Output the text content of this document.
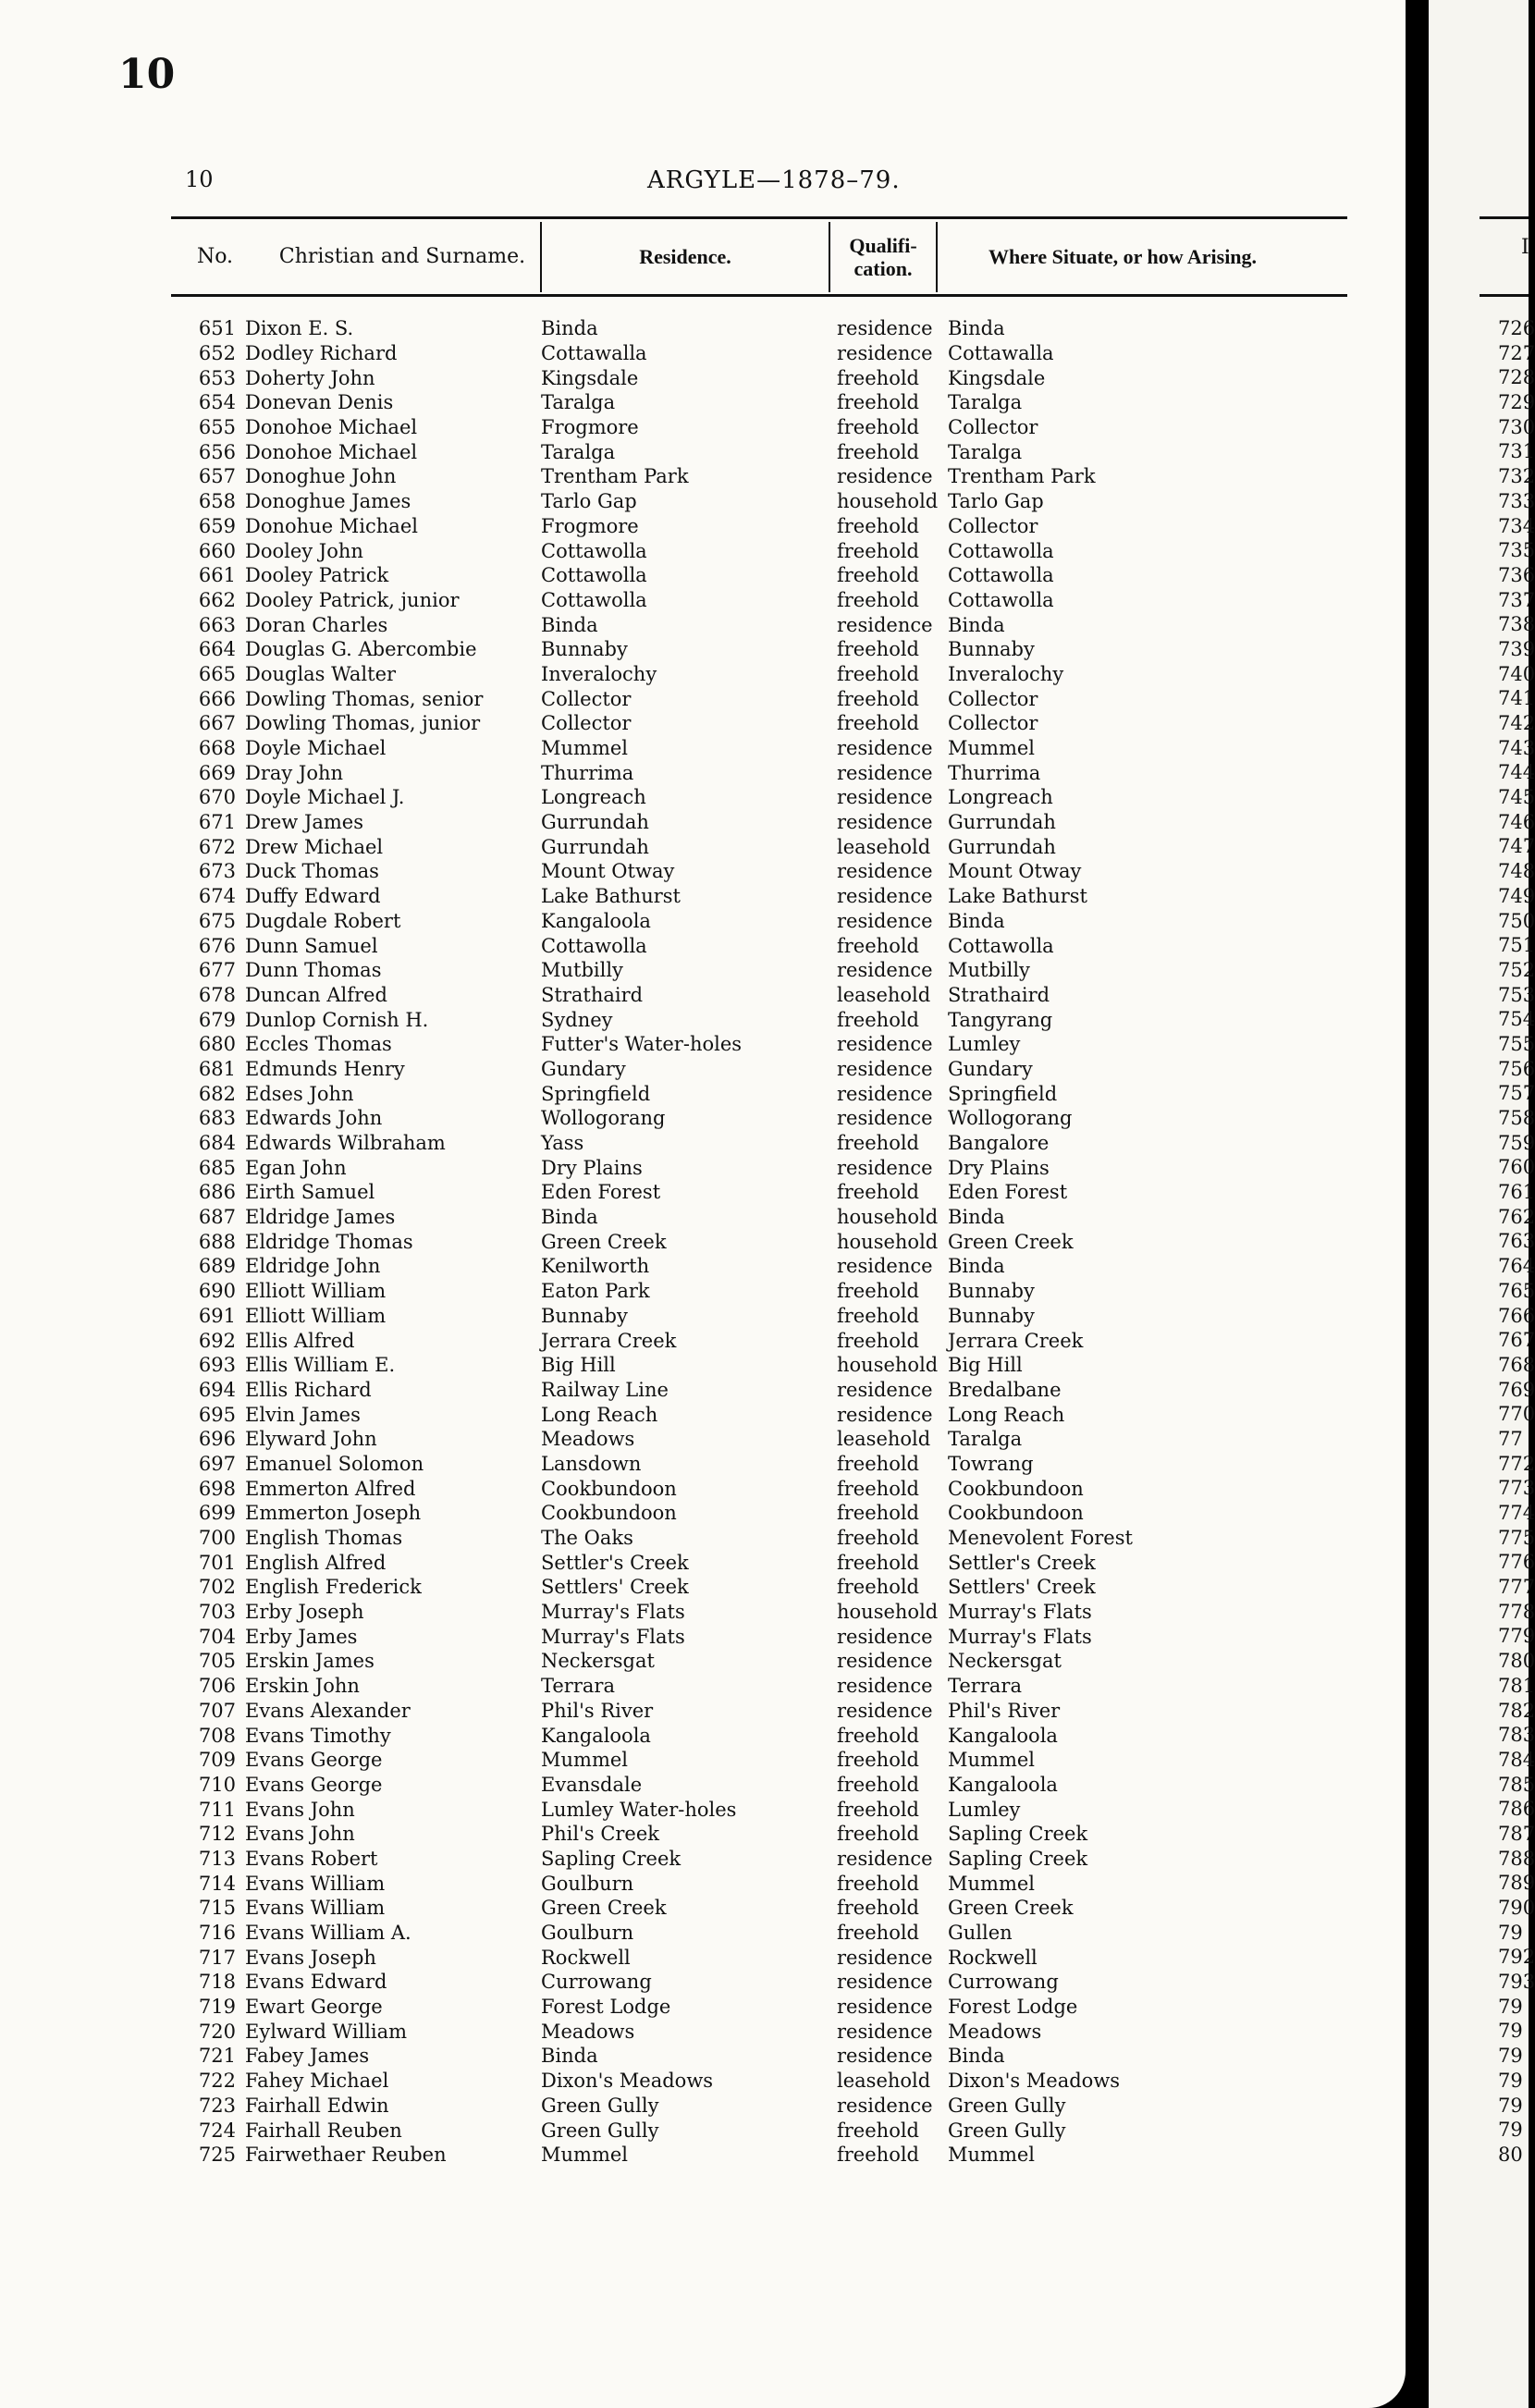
10
10	ARGYLE—1878–79.
No.	Christian and Surname.	Residence.
Qualifi-
cation.
Where Situate, or how Arising.
651 Dixon E. S.	Binda	residence Binda
652 Dodley Richard	Cottawalla	residence Cottawalla
653 Doherty John	Kingsdale	freehold	Kingsdale
654 Donevan Denis	Taralga	freehold	Taralga
655 Donohoe Michael	Frogmore	freehold	Collector
656 Donohoe Michael	Taralga	freehold	Taralga
657 Donoghue John	Trentham Park	residence Trentham Park
658 Donoghue James	Tarlo Gap	household Tarlo Gap
659 Donohue Michael	Frogmore	freehold	Collector
660 Dooley John	Cottawolla	freehold	Cottawolla
661 Dooley Patrick	Cottawolla	freehold	Cottawolla
662 Dooley Patrick, junior	Cottawolla	freehold	Cottawolla
663 Doran Charles	Binda	residence Binda
664 Douglas G. Abercombie	Bunnaby	freehold	Bunnaby
665 Douglas Walter	Inveralochy	freehold	Inveralochy
666 Dowling Thomas, senior	Collector	freehold	Collector
667 Dowling Thomas, junior	Collector	freehold	Collector
668 Doyle Michael	Mummel	residence Mummel
669 Dray John	Thurrima	residence Thurrima
670 Doyle Michael J.	Longreach	residence Longreach
671 Drew James	Gurrundah	residence Gurrundah
672 Drew Michael	Gurrundah	leasehold Gurrundah
673 Duck Thomas	Mount Otway	residence Mount Otway
674 Duffy Edward	Lake Bathurst	residence Lake Bathurst
675 Dugdale Robert	Kangaloola	residence Binda
676 Dunn Samuel	Cottawolla	freehold	Cottawolla
677 Dunn Thomas	Mutbilly	residence Mutbilly
678 Duncan Alfred	Strathaird	leasehold Strathaird
679 Dunlop Cornish H.	Sydney	freehold	Tangyrang
680 Eccles Thomas	Futter's Water-holes	residence Lumley
681 Edmunds Henry	Gundary	residence Gundary
682 Edses John	Springfield	residence Springfield
683 Edwards John	Wollogorang	residence Wollogorang
684 Edwards Wilbraham	Yass	freehold	Bangalore
685 Egan John	Dry Plains	residence Dry Plains
686 Eirth Samuel	Eden Forest	freehold	Eden Forest
687 Eldridge James	Binda	household Binda
688 Eldridge Thomas	Green Creek	household Green Creek
689 Eldridge John	Kenilworth	residence Binda
690 Elliott William	Eaton Park	freehold	Bunnaby
691 Elliott William	Bunnaby	freehold	Bunnaby
692 Ellis Alfred	Jerrara Creek	freehold	Jerrara Creek
693 Ellis William E.	Big Hill	household Big Hill
694 Ellis Richard	Railway Line	residence Bredalbane
695 Elvin James	Long Reach	residence Long Reach
696 Elyward John	Meadows	leasehold Taralga
697 Emanuel Solomon	Lansdown	freehold	Towrang
698 Emmerton Alfred	Cookbundoon	freehold	Cookbundoon
699 Emmerton Joseph	Cookbundoon	freehold	Cookbundoon
700 English Thomas	The Oaks	freehold	Menevolent Forest
701 English Alfred	Settler's Creek	freehold	Settler's Creek
702 English Frederick	Settlers' Creek	freehold	Settlers' Creek
703 Erby Joseph	Murray's Flats	household Murray's Flats
704 Erby James	Murray's Flats	residence Murray's Flats
705 Erskin James	Neckersgat	residence Neckersgat
706 Erskin John	Terrara	residence Terrara
707 Evans Alexander	Phil's River	residence Phil's River
708 Evans Timothy	Kangaloola	freehold	Kangaloola
709 Evans George	Mummel	freehold	Mummel
710 Evans George	Evansdale	freehold	Kangaloola
711 Evans John	Lumley Water-holes	freehold	Lumley
712 Evans John	Phil's Creek	freehold	Sapling Creek
713 Evans Robert	Sapling Creek	residence Sapling Creek
714 Evans William	Goulburn	freehold	Mummel
715 Evans William	Green Creek	freehold	Green Creek
716 Evans William A.	Goulburn	freehold	Gullen
717 Evans Joseph	Rockwell	residence Rockwell
718 Evans Edward	Currowang	residence Currowang
719 Ewart George	Forest Lodge	residence Forest Lodge
720 Eylward William	Meadows	residence Meadows
721 Fabey James	Binda	residence Binda
722 Fahey Michael	Dixon's Meadows	leasehold Dixon's Meadows
723 Fairhall Edwin	Green Gully	residence Green Gully
724 Fairhall Reuben	Green Gully	freehold	Green Gully
725 Fairwethaer Reuben	Mummel	freehold	Mummel
I
726
727
728
729
730
731
732
733
734
735
736
737
738
739
740
741
742
743
744
745
746
747
748
749
750
751
752
753
754
755
756
757
758
759
760
761
762
763
764
765
766
767
768
769
770
77
772
773
774
775
776
777
778
779
780
781
782
783
784
785
786
787
788
789
790
79
792
793
79
79
79
79
79
79
80
